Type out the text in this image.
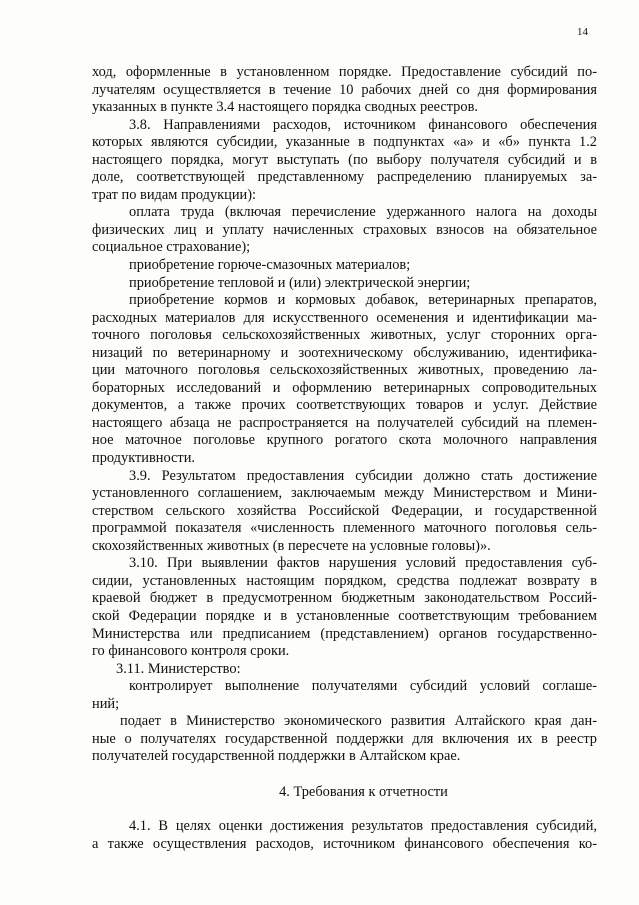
14
ход, оформленные в установленном порядке. Предоставление субсидий по-
лучателям осуществляется в течение 10 рабочих дней со дня формирования
указанных в пункте 3.4 настоящего порядка сводных реестров.
3.8. Направлениями расходов, источником финансового обеспечения
которых являются субсидии, указанные в подпунктах «а» и «б» пункта 1.2
настоящего порядка, могут выступать (по выбору получателя субсидий и в
доле, соответствующей представленному распределению планируемых за-
трат по видам продукции):
оплата труда (включая перечисление удержанного налога на доходы
физических лиц и уплату начисленных страховых взносов на обязательное
социальное страхование);
приобретение горюче-смазочных материалов;
приобретение тепловой и (или) электрической энергии;
приобретение кормов и кормовых добавок, ветеринарных препаратов,
расходных материалов для искусственного осеменения и идентификации ма-
точного поголовья сельскохозяйственных животных, услуг сторонних орга-
низаций по ветеринарному и зоотехническому обслуживанию, идентифика-
ции маточного поголовья сельскохозяйственных животных, проведению ла-
бораторных исследований и оформлению ветеринарных сопроводительных
документов, а также прочих соответствующих товаров и услуг. Действие
настоящего абзаца не распространяется на получателей субсидий на племен-
ное маточное поголовье крупного рогатого скота молочного направления
продуктивности.
3.9. Результатом предоставления субсидии должно стать достижение
установленного соглашением, заключаемым между Министерством и Мини-
стерством сельского хозяйства Российской Федерации, и государственной
программой показателя «численность племенного маточного поголовья сель-
скохозяйственных животных (в пересчете на условные головы)».
3.10. При выявлении фактов нарушения условий предоставления суб-
сидии, установленных настоящим порядком, средства подлежат возврату в
краевой бюджет в предусмотренном бюджетным законодательством Россий-
ской Федерации порядке и в установленные соответствующим требованием
Министерства или предписанием (представлением) органов государственно-
го финансового контроля сроки.
3.11. Министерство:
контролирует выполнение получателями субсидий условий соглаше-
ний;
подает в Министерство экономического развития Алтайского края дан-
ные о получателях государственной поддержки для включения их в реестр
получателей государственной поддержки в Алтайском крае.
4. Требования к отчетности
4.1. В целях оценки достижения результатов предоставления субсидий,
а также осуществления расходов, источником финансового обеспечения ко-
